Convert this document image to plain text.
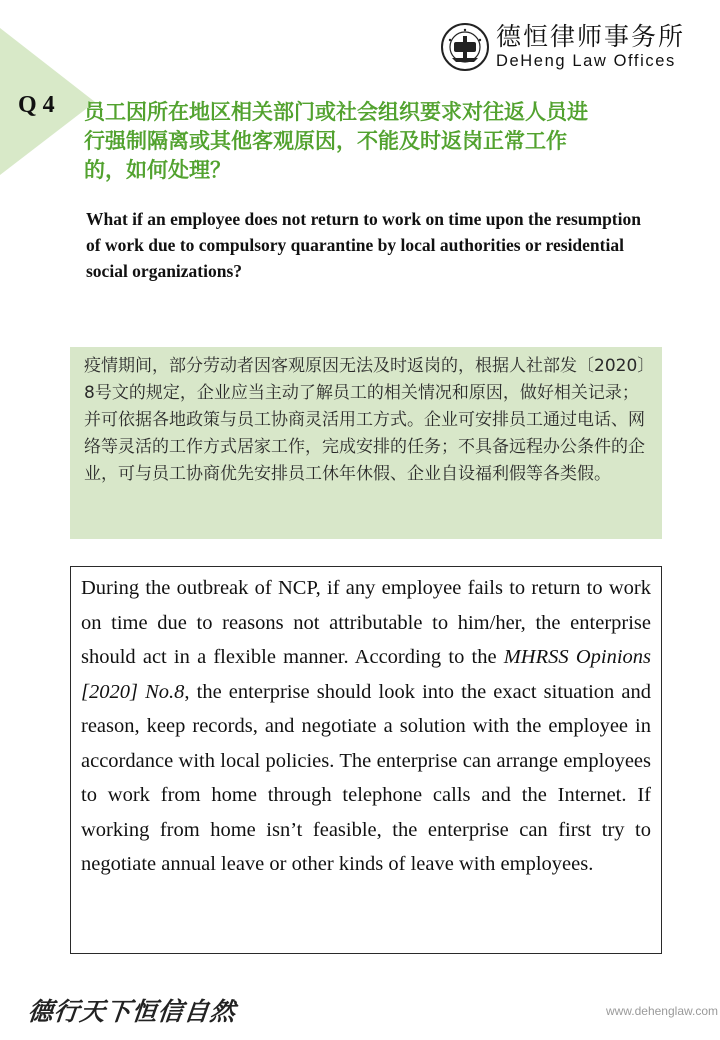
Q 4
德恒律师事务所
DeHeng Law Offices
员工因所在地区相关部门或社会组织要求对往返人员进行强制隔离或其他客观原因，不能及时返岗正常工作的，如何处理？
What if an employee does not return to work on time upon the resumption of work due to compulsory quarantine by local authorities or residential social organizations?
疫情期间，部分劳动者因客观原因无法及时返岗的，根据人社部发〔2020〕8号文的规定，企业应当主动了解员工的相关情况和原因，做好相关记录；并可依据各地政策与员工协商灵活用工方式。企业可安排员工通过电话、网络等灵活的工作方式居家工作，完成安排的任务；不具备远程办公条件的企业，可与员工协商优先安排员工休年休假、企业自设福利假等各类假。
During the outbreak of NCP, if any employee fails to return to work on time due to reasons not attributable to him/her, the enterprise should act in a flexible manner. According to the MHRSS Opinions [2020] No.8, the enterprise should look into the exact situation and reason, keep records, and negotiate a solution with the employee in accordance with local policies. The enterprise can arrange employees to work from home through telephone calls and the Internet. If working from home isn’t feasible, the enterprise can first try to negotiate annual leave or other kinds of leave with employees.
德行天下恒信自然	www.dehenglaw.com
